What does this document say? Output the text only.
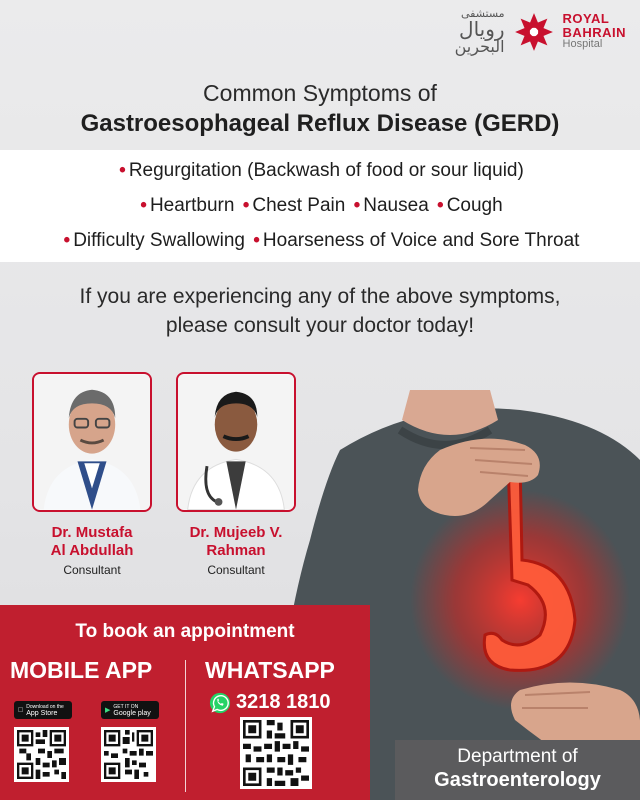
مستشفى
رويال
البحرين
ROYAL
BAHRAIN
Hospital
Common Symptoms of
Gastroesophageal Reflux Disease (GERD)
• Regurgitation (Backwash of food or sour liquid)
• Heartburn • Chest Pain • Nausea • Cough
• Difficulty Swallowing • Hoarseness of Voice and Sore Throat
If you are experiencing any of the above symptoms,
please consult your doctor today!
Dr. Mustafa
Al Abdullah
Consultant
Dr. Mujeeb V.
Rahman
Consultant
To book an appointment
MOBILE APP WHATSAPP
Download on the
App Store	▶
GET IT ON
Google play	3218 1810
Department of
Gastroenterology
